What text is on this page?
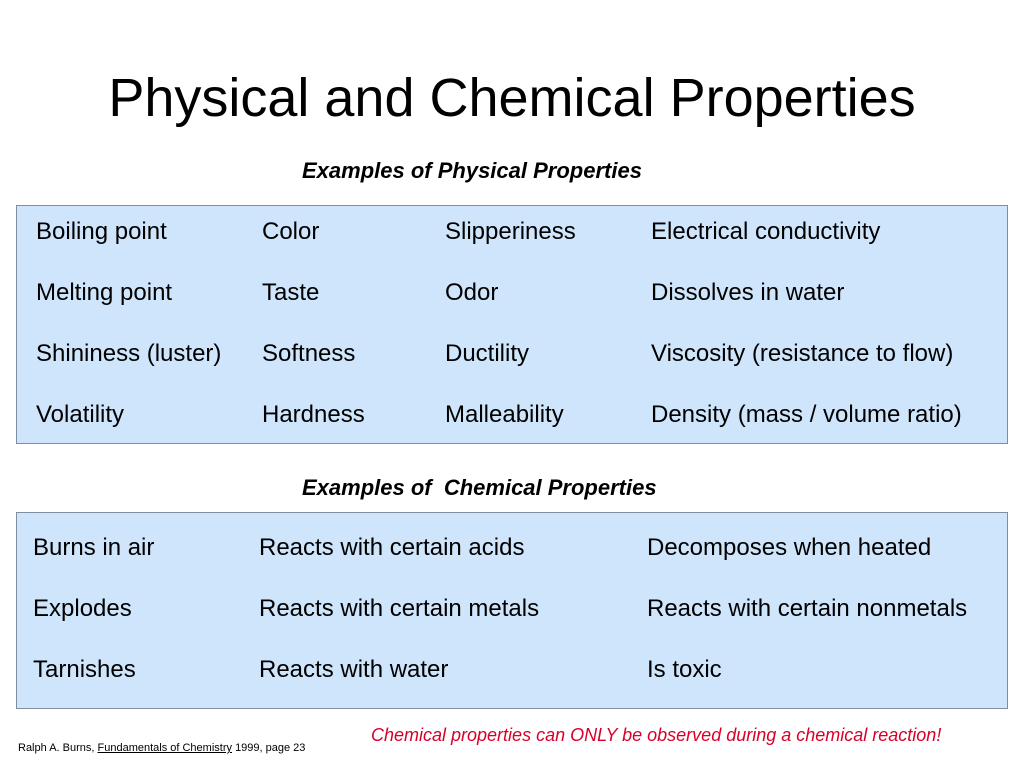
Physical and Chemical Properties
Examples of Physical Properties
Boiling point
Melting point
Shininess (luster)
Volatility
Color
Taste
Softness
Hardness
Slipperiness
Odor
Ductility
Malleability
Electrical conductivity
Dissolves in water
Viscosity (resistance to flow)
Density (mass / volume ratio)
Examples of  Chemical Properties
Burns in air
Explodes
Tarnishes
Reacts with certain acids
Reacts with certain metals
Reacts with water
Decomposes when heated
Reacts with certain nonmetals
Is toxic
Ralph A. Burns, Fundamentals of Chemistry 1999, page 23
Chemical properties can ONLY be observed during a chemical reaction!
